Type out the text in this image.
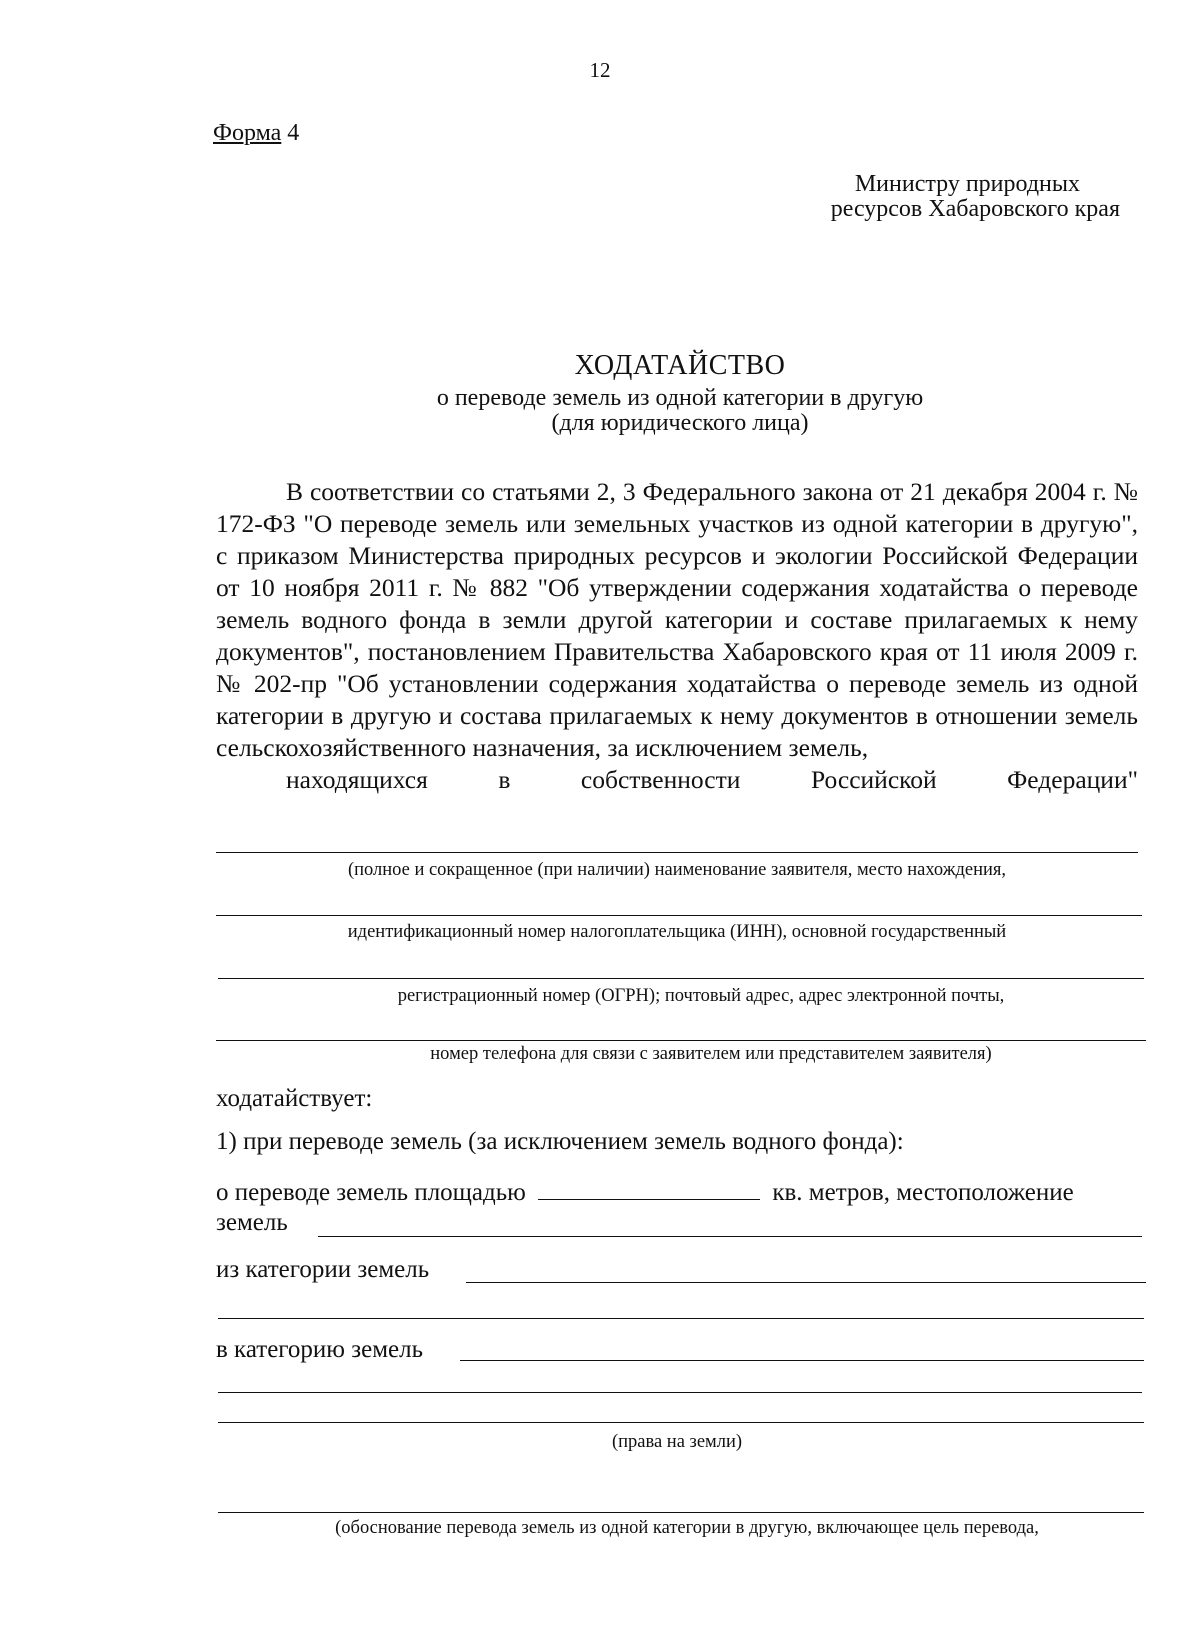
12
Форма 4
Министру природных
ресурсов Хабаровского края
ХОДАТАЙСТВО
о переводе земель из одной категории в другую
(для юридического лица)
В соответствии со статьями 2, 3 Федерального закона от 21 декабря 2004 г. № 172-ФЗ "О переводе земель или земельных участков из одной категории в другую", с приказом Министерства природных ресурсов и экологии Российской Федерации от 10 ноября 2011 г. № 882 "Об утверждении содержания ходатайства о переводе земель водного фонда в земли другой категории и составе прилагаемых к нему документов", постановлением Правительства Хабаровского края от 11 июля 2009 г. № 202-пр "Об установлении содержания ходатайства о переводе земель из одной категории в другую и состава прилагаемых к нему документов в отношении земель сельскохозяйственного назначения, за исключением земель,
находящихся в собственности Российской Федерации"
(полное и сокращенное (при наличии) наименование заявителя, место нахождения,
идентификационный номер налогоплательщика (ИНН), основной государственный
регистрационный номер (ОГРН); почтовый адрес, адрес электронной почты,
номер телефона для связи с заявителем или представителем заявителя)
ходатайствует:
1) при переводе земель (за исключением земель водного фонда):
о переводе земель площадью	кв. метров, местоположение
земель
из категории земель
в категорию земель
(права на земли)
(обоснование перевода земель из одной категории в другую, включающее цель перевода,
